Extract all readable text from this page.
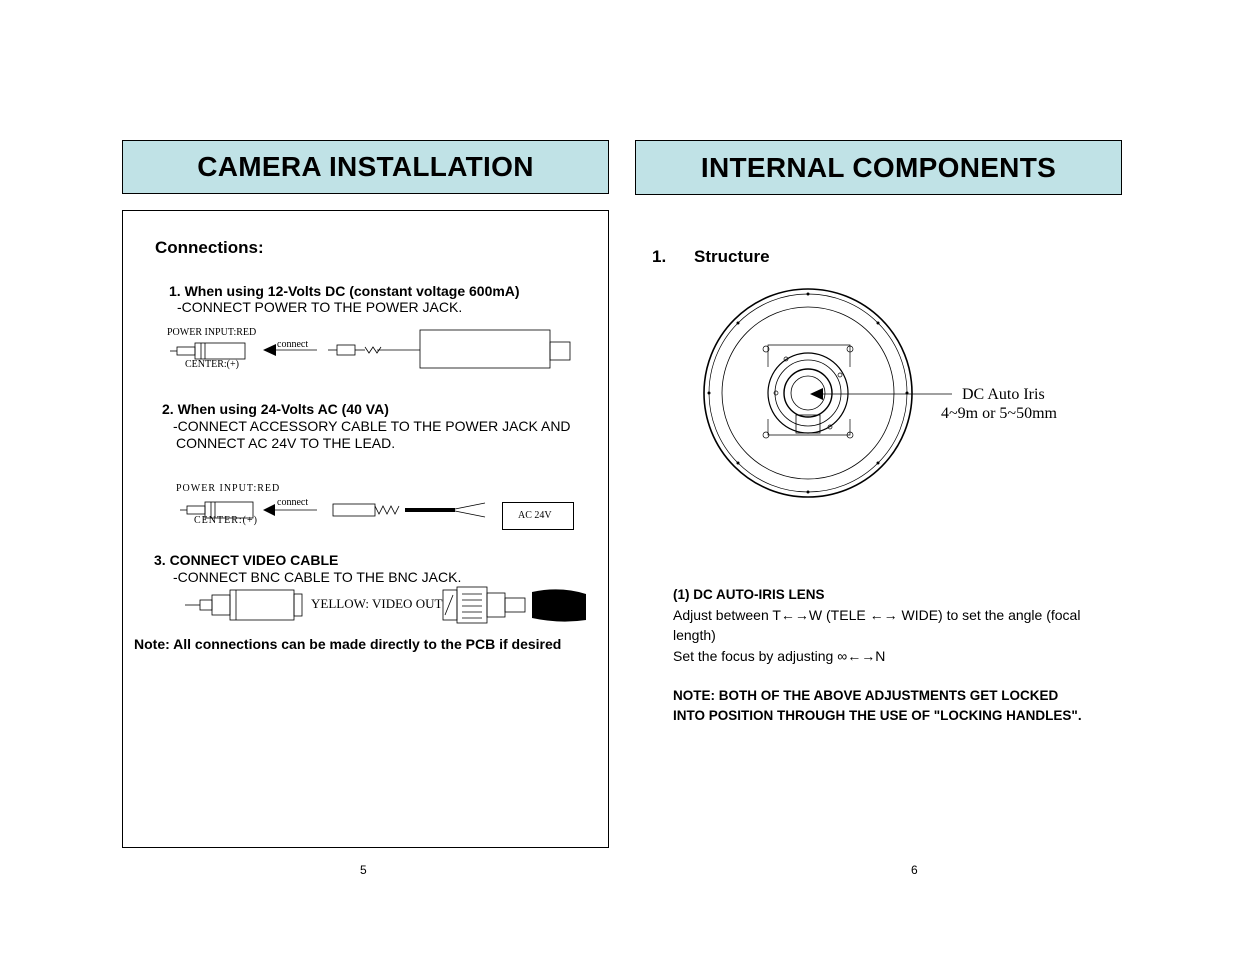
CAMERA INSTALLATION
Connections:
1. When using 12-Volts DC (constant voltage 600mA)
-CONNECT POWER TO THE POWER JACK.
POWER INPUT:RED
CENTER:(+)
connect
2. When using 24-Volts AC (40 VA)
-CONNECT ACCESSORY CABLE TO THE POWER JACK AND
CONNECT AC 24V TO THE LEAD.
POWER INPUT:RED
CENTER:(+)
connect
AC 24V
3. CONNECT VIDEO CABLE
-CONNECT BNC CABLE TO THE BNC JACK.
YELLOW: VIDEO OUT
Note: All connections can be made directly to the PCB if desired
5
INTERNAL COMPONENTS
1. Structure
DC Auto Iris
4~9m or 5~50mm
(1) DC AUTO-IRIS LENS
Adjust between T←→W (TELE ←→ WIDE) to set the angle (focal
length)
Set the focus by adjusting ∞←→N
NOTE: BOTH OF THE ABOVE ADJUSTMENTS GET LOCKED
INTO POSITION THROUGH THE USE OF "LOCKING HANDLES".
6
